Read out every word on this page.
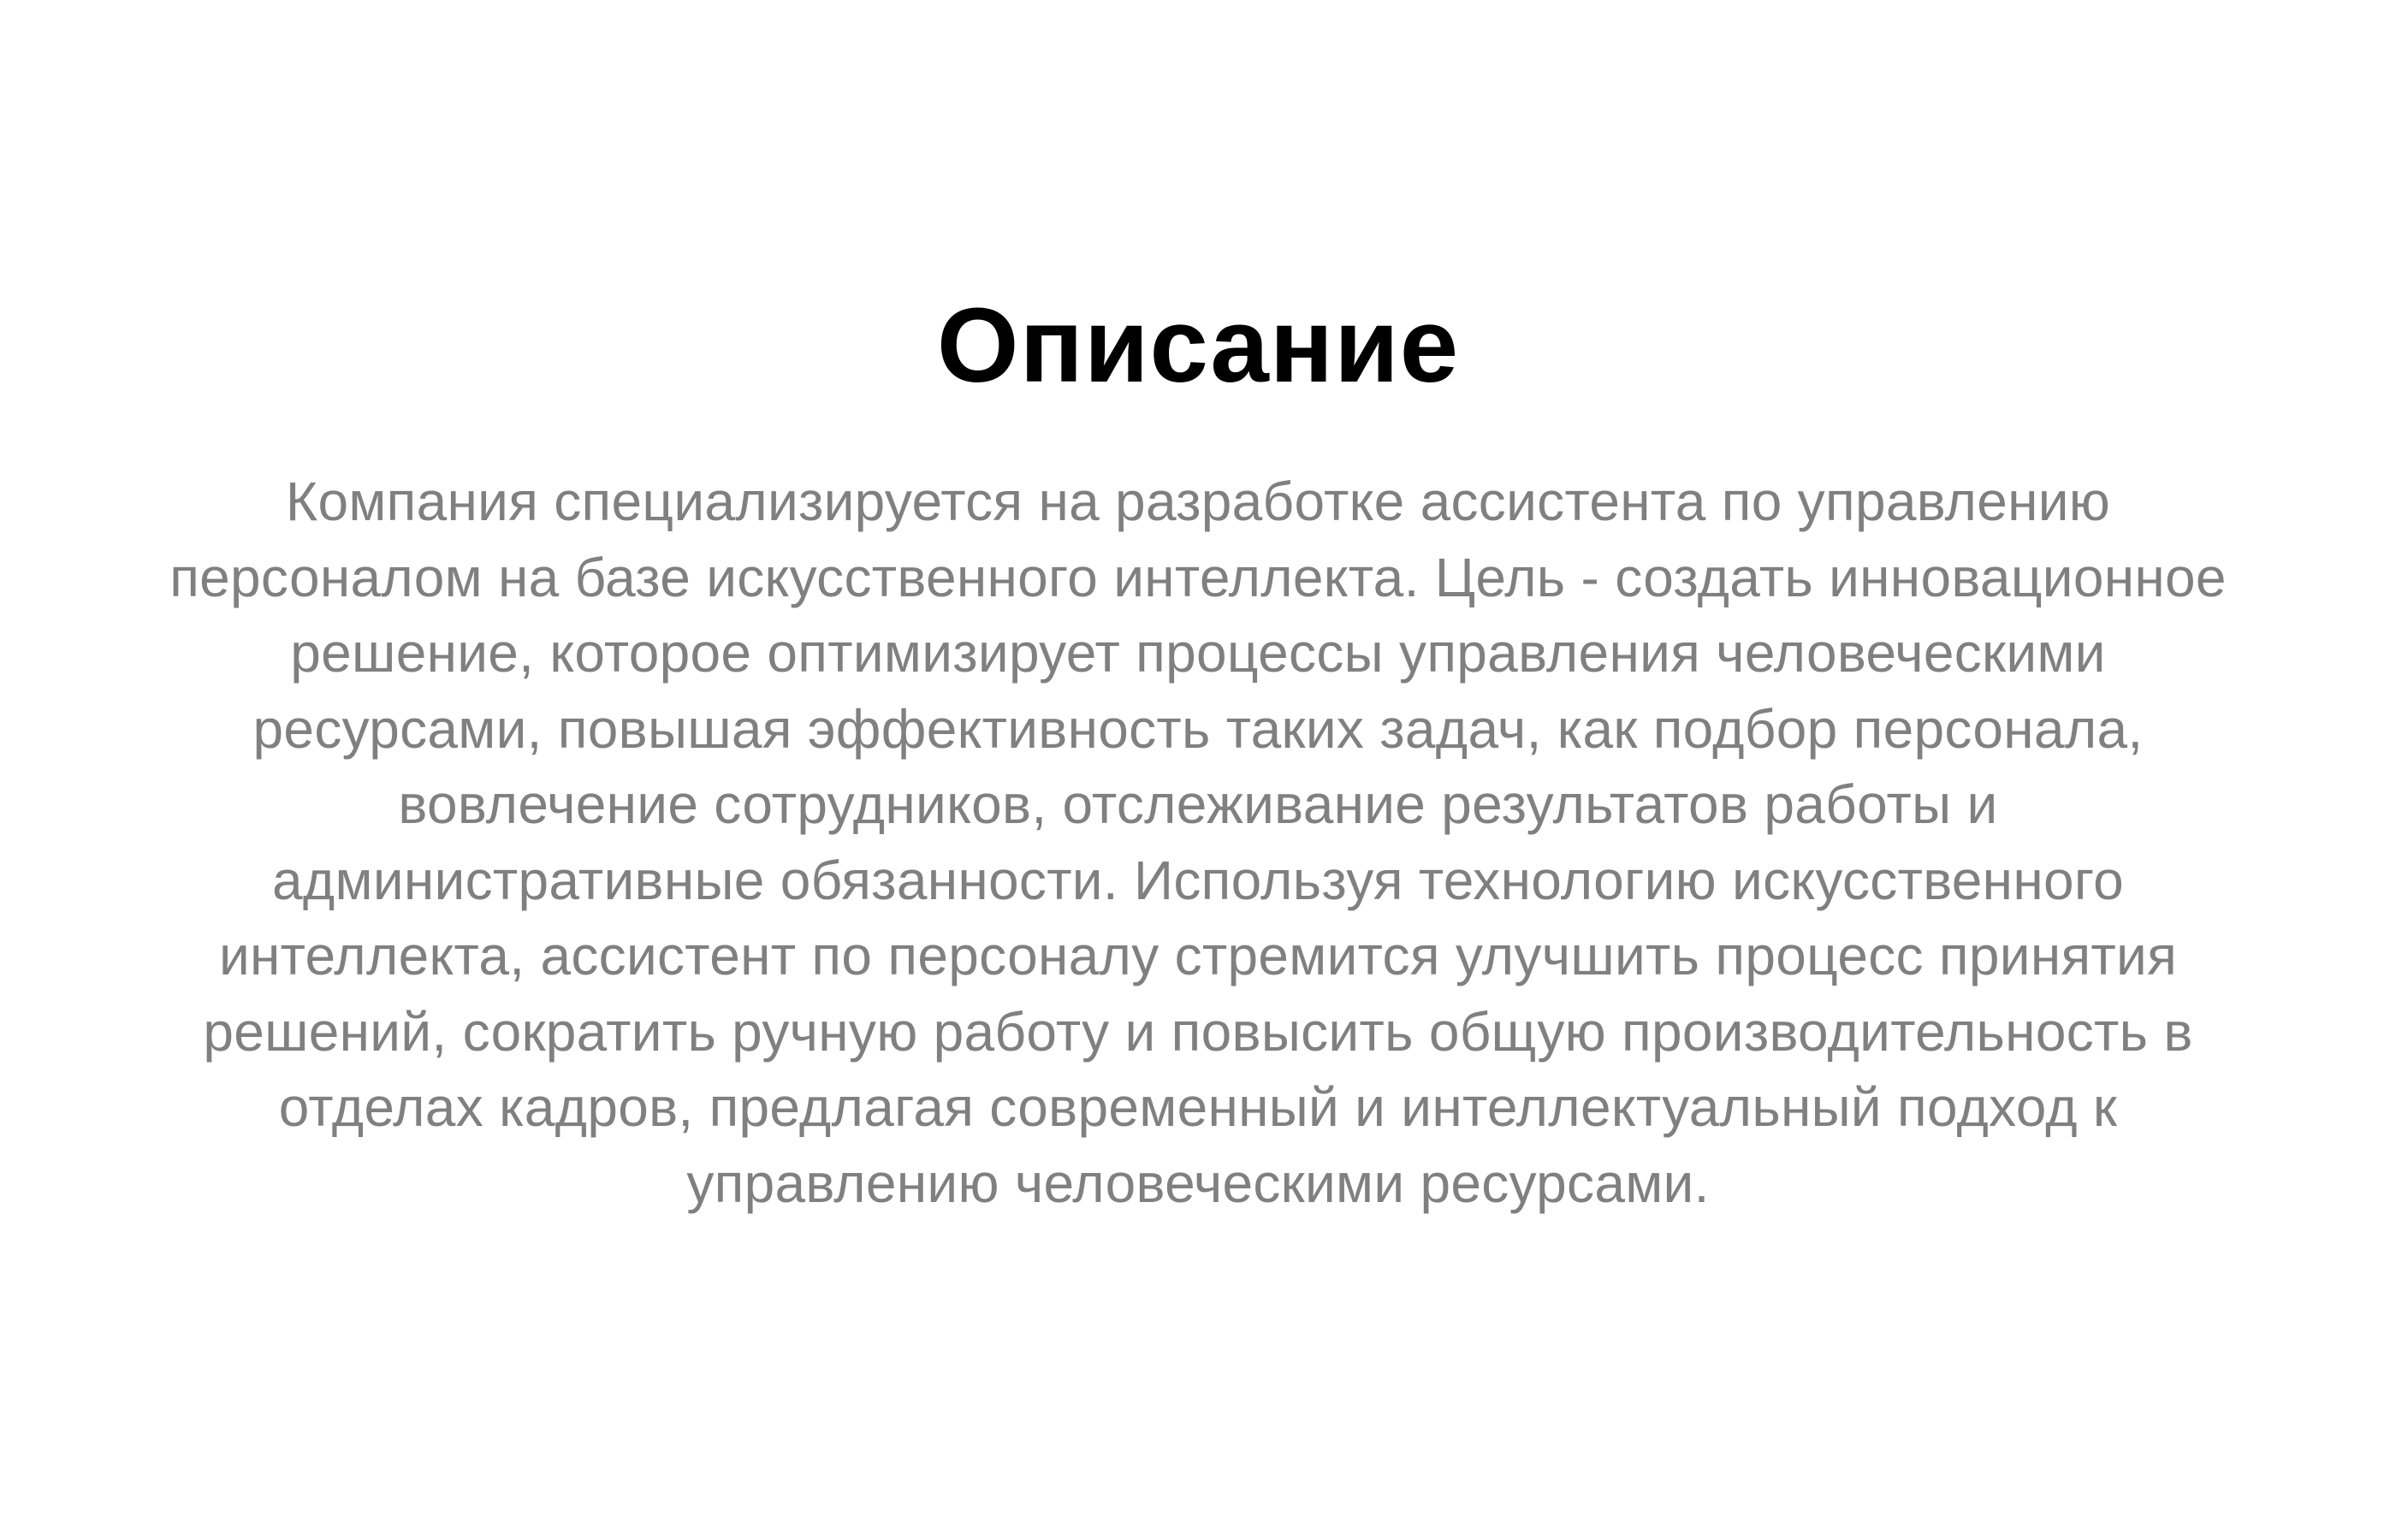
Описание

Компания специализируется на разработке ассистента по управлению
персоналом на базе искусственного интеллекта. Цель - создать инновационное
решение, которое оптимизирует процессы управления человеческими
ресурсами, повышая эффективность таких задач, как подбор персонала,
вовлечение сотрудников, отслеживание результатов работы и
административные обязанности. Используя технологию искусственного
интеллекта, ассистент по персоналу стремится улучшить процесс принятия
решений, сократить ручную работу и повысить общую производительность в
отделах кадров, предлагая современный и интеллектуальный подход к
управлению человеческими ресурсами.
